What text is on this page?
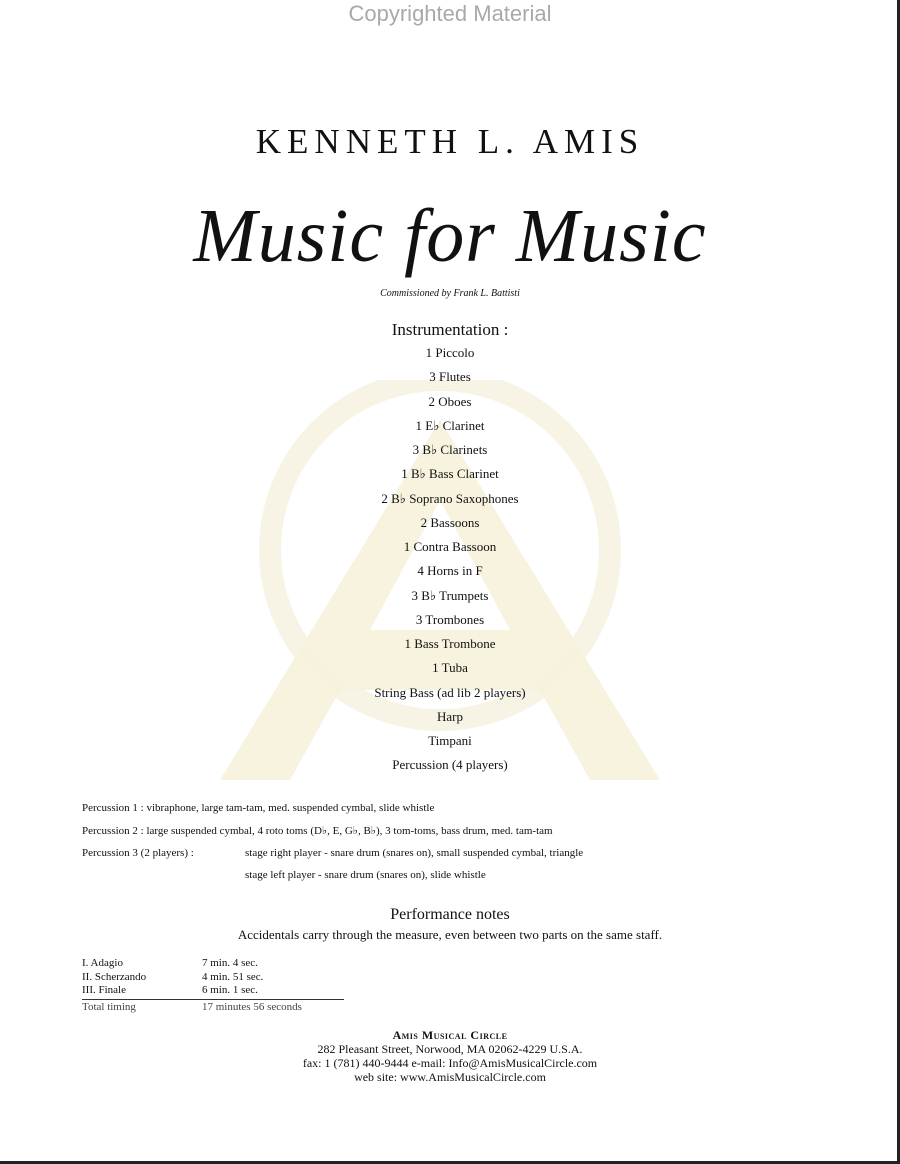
Copyrighted Material
KENNETH L. AMIS
Music for Music
Commissioned by Frank L. Battisti
Instrumentation :
1 Piccolo
3 Flutes
2 Oboes
1 E♭ Clarinet
3 B♭ Clarinets
1 B♭ Bass Clarinet
2 B♭ Soprano Saxophones
2 Bassoons
1 Contra Bassoon
4 Horns in F
3 B♭ Trumpets
3 Trombones
1 Bass Trombone
1 Tuba
String Bass (ad lib 2 players)
Harp
Timpani
Percussion (4 players)
Percussion 1 : vibraphone, large tam-tam, med. suspended cymbal, slide whistle
Percussion 2 : large suspended cymbal, 4 roto toms (D♭, E, G♭, B♭), 3 tom-toms, bass drum, med. tam-tam
Percussion 3 (2 players) :	stage right player - snare drum (snares on), small suspended cymbal, triangle
stage left player - snare drum (snares on), slide whistle
Performance notes
Accidentals carry through the measure, even between two parts on the same staff.
I. Adagio	7 min. 4 sec.
II. Scherzando	4 min. 51 sec.
III. Finale	6 min. 1 sec.
Total timing	17 minutes 56 seconds
Amis Musical Circle
282 Pleasant Street, Norwood, MA 02062-4229 U.S.A.
fax: 1 (781) 440-9444 e-mail: Info@AmisMusicalCircle.com
web site: www.AmisMusicalCircle.com
